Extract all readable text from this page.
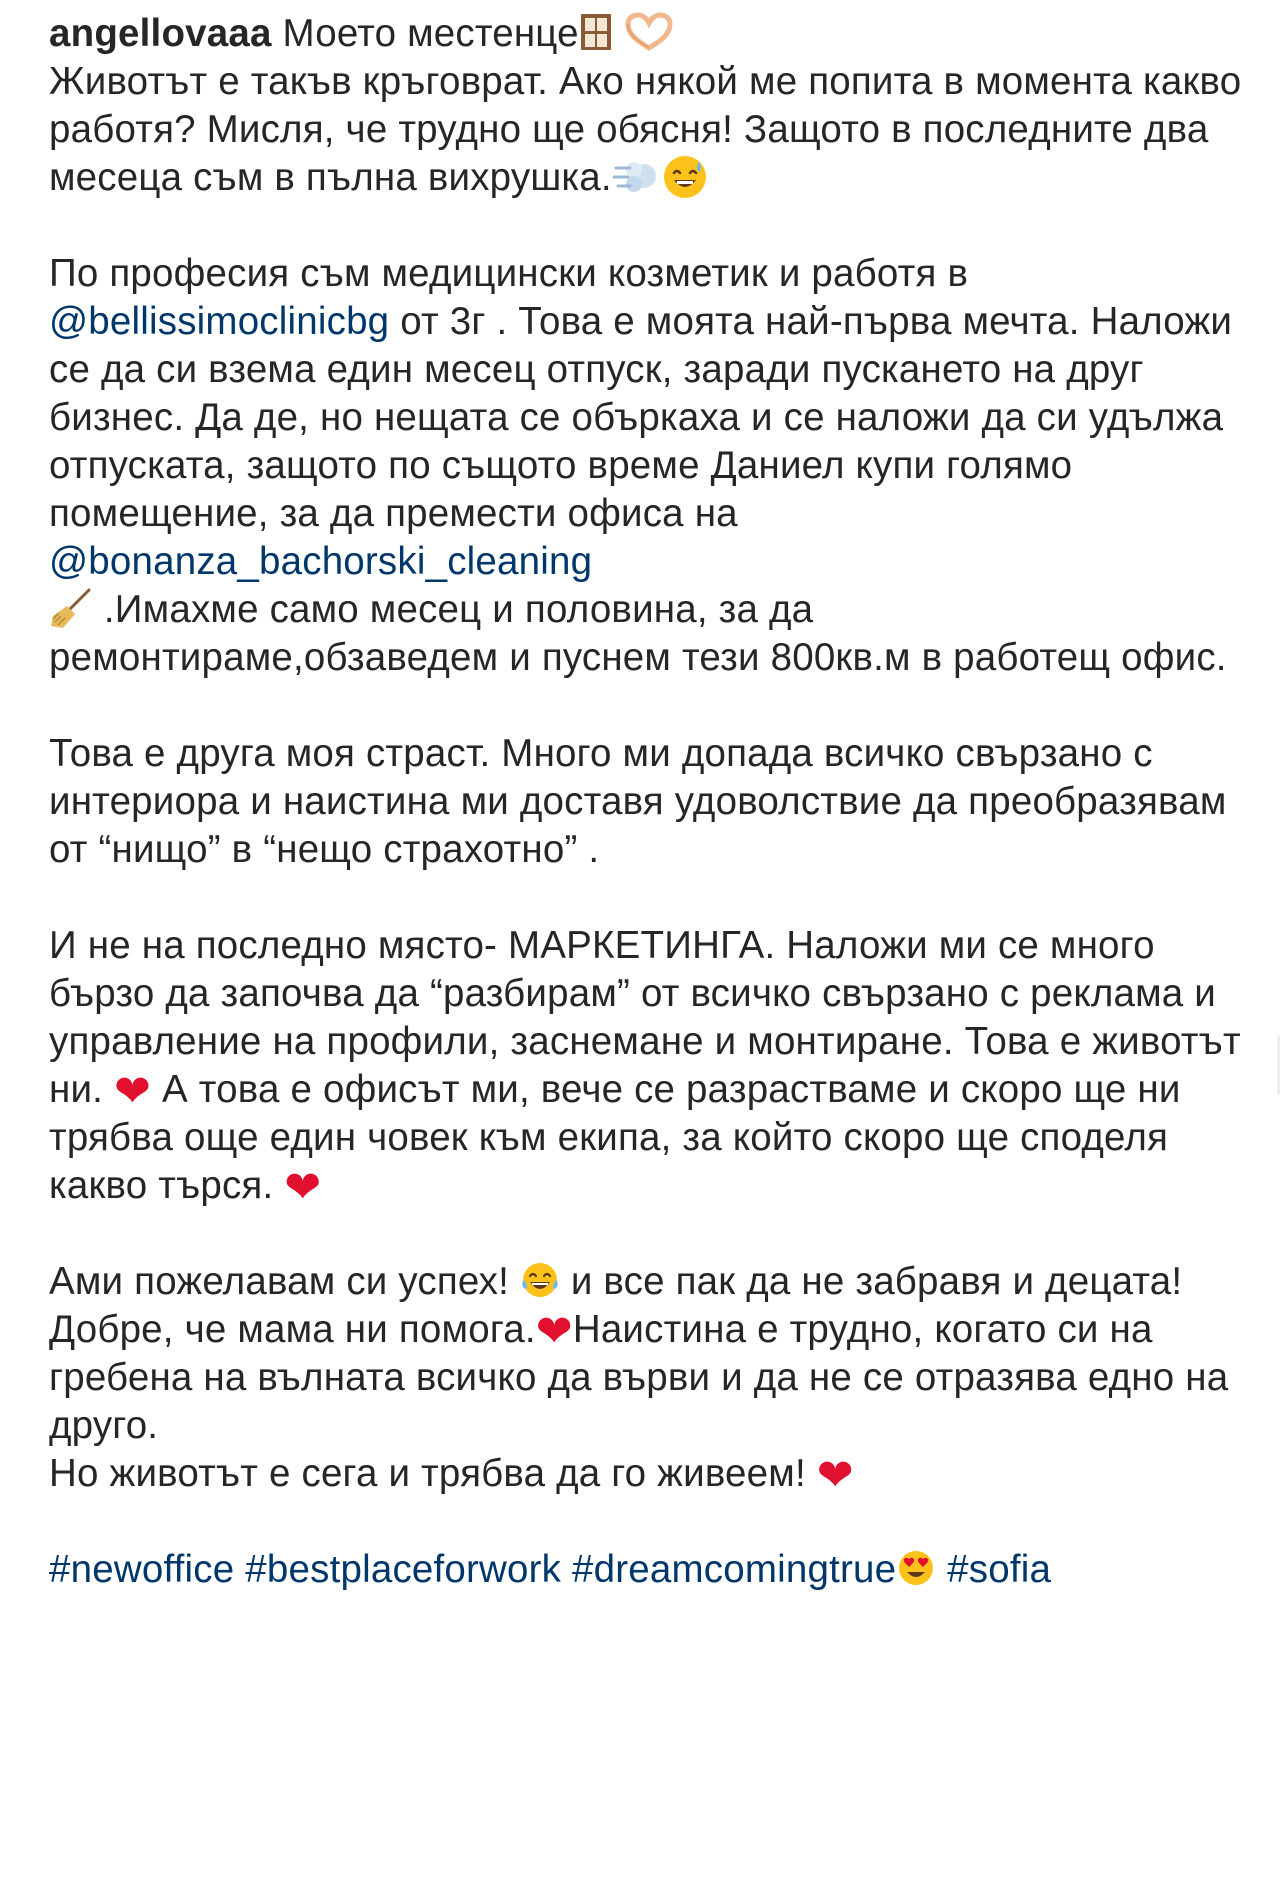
angellovaaa Моето местенце
Животът е такъв кръговрат. Ако някой ме попита в момента какво работя? Мисля, че трудно ще обясня! Защото в последните два месеца съм в пълна вихрушка.

По професия съм медицински козметик и работя в @bellissimoclinicbg от 3г . Това е моята най-първа мечта. Наложи се да си взема един месец отпуск, заради пускането на друг бизнес. Да де, но нещата се объркаха и се наложи да си удължа отпуската, защото по същото време Даниел купи голямо помещение, за да премести офиса на @bonanza_bachorski_cleaning
.Имахме само месец и половина, за да ремонтираме,обзаведем и пуснем тези 800кв.м в работещ офис.

Това е друга моя страст. Много ми допада всичко свързано с интериора и наистина ми доставя удоволствие да преобразявам от “нищо” в “нещо страхотно” .

И не на последно място- МАРКЕТИНГА. Наложи ми се много бързо да започва да “разбирам” от всичко свързано с реклама и управление на профили, заснемане и монтиране. Това е животът ни. ❤ А това е офисът ми, вече се разрастваме и скоро ще ни трябва още един човек към екипа, за който скоро ще споделя какво търся. ❤

Ами пожелавам си успех!  и все пак да не забравя и децата! Добре, че мама ни помога.❤Наистина е трудно, когато си на гребена на вълната всичко да върви и да не се отразява едно на друго.
Но животът е сега и трябва да го живеем! ❤

#newoffice #bestplaceforwork #dreamcomingtrue #sofia
